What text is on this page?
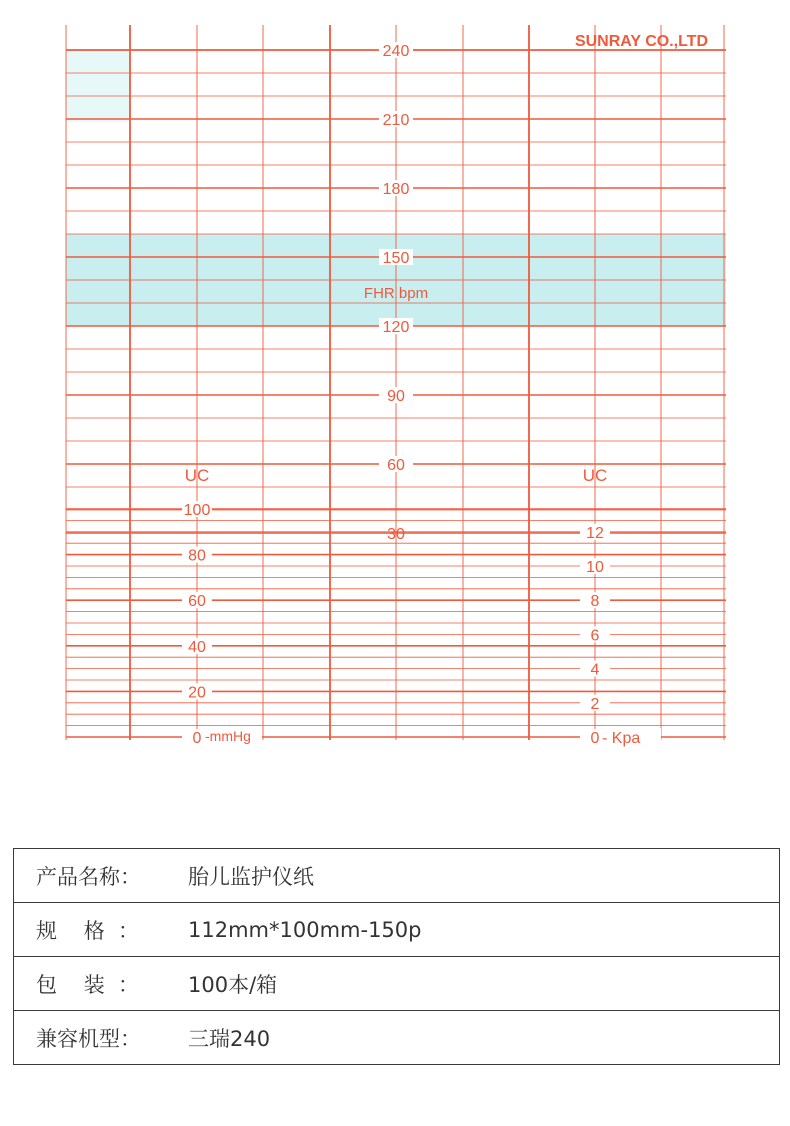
240
210
180
150
120
90
60
30
100
80
60
40
20
0 -mmHg
12
10
8
6
4
2
0 - Kpa
SUNRAY CO.,LTD
FHR bpm
UC	UC
产品名称：	胎儿监护仪纸

规    格  ：	112mm*100mm-150p

包    装  ：	100本/箱

兼容机型：	三瑞240
